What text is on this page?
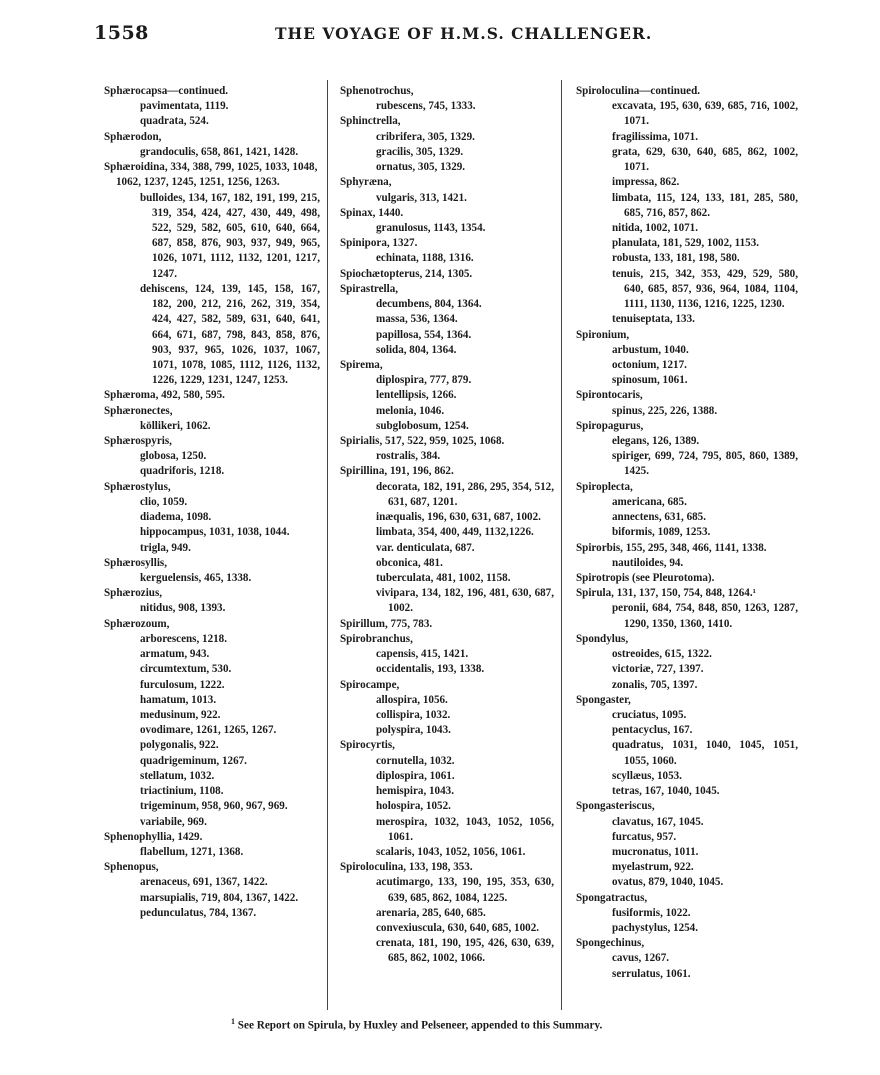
1558	THE VOYAGE OF H.M.S. CHALLENGER.
Sphærocapsa—continued.
pavimentata, 1119.
quadrata, 524.
Sphærodon,
grandoculis, 658, 861, 1421, 1428.
Sphæroidina, 334, 388, 799, 1025, 1033, 1048, 1062, 1237, 1245, 1251, 1256, 1263.
bulloides, 134, 167, 182, 191, 199, 215, 319, 354, 424, 427, 430, 449, 498, 522, 529, 582, 605, 610, 640, 664, 687, 858, 876, 903, 937, 949, 965, 1026, 1071, 1112, 1132, 1201, 1217, 1247.
dehiscens, 124, 139, 145, 158, 167, 182, 200, 212, 216, 262, 319, 354, 424, 427, 582, 589, 631, 640, 641, 664, 671, 687, 798, 843, 858, 876, 903, 937, 965, 1026, 1037, 1067, 1071, 1078, 1085, 1112, 1126, 1132, 1226, 1229, 1231, 1247, 1253.
Sphæroma, 492, 580, 595.
Sphæronectes,
köllikeri, 1062.
Sphærospyris,
globosa, 1250.
quadriforis, 1218.
Sphærostylus,
clio, 1059.
diadema, 1098.
hippocampus, 1031, 1038, 1044.
trigla, 949.
Sphærosyllis,
kerguelensis, 465, 1338.
Sphærozius,
nitidus, 908, 1393.
Sphærozoum,
arborescens, 1218.
armatum, 943.
circumtextum, 530.
furculosum, 1222.
hamatum, 1013.
medusinum, 922.
ovodimare, 1261, 1265, 1267.
polygonalis, 922.
quadrigeminum, 1267.
stellatum, 1032.
triactinium, 1108.
trigeminum, 958, 960, 967, 969.
variabile, 969.
Sphenophyllia, 1429.
flabellum, 1271, 1368.
Sphenopus,
arenaceus, 691, 1367, 1422.
marsupialis, 719, 804, 1367, 1422.
pedunculatus, 784, 1367.
Sphenotrochus,
rubescens, 745, 1333.
Sphinctrella,
cribrifera, 305, 1329.
gracilis, 305, 1329.
ornatus, 305, 1329.
Sphyræna,
vulgaris, 313, 1421.
Spinax, 1440.
granulosus, 1143, 1354.
Spinipora, 1327.
echinata, 1188, 1316.
Spiochætopterus, 214, 1305.
Spirastrella,
decumbens, 804, 1364.
massa, 536, 1364.
papillosa, 554, 1364.
solida, 804, 1364.
Spirema,
diplospira, 777, 879.
lentellipsis, 1266.
melonia, 1046.
subglobosum, 1254.
Spirialis, 517, 522, 959, 1025, 1068.
rostralis, 384.
Spirillina, 191, 196, 862.
decorata, 182, 191, 286, 295, 354, 512, 631, 687, 1201.
inæqualis, 196, 630, 631, 687, 1002.
limbata, 354, 400, 449, 1132,1226.
var. denticulata, 687.
obconica, 481.
tuberculata, 481, 1002, 1158.
vivipara, 134, 182, 196, 481, 630, 687, 1002.
Spirillum, 775, 783.
Spirobranchus,
capensis, 415, 1421.
occidentalis, 193, 1338.
Spirocampe,
allospira, 1056.
collispira, 1032.
polyspira, 1043.
Spirocyrtis,
cornutella, 1032.
diplospira, 1061.
hemispira, 1043.
holospira, 1052.
merospira, 1032, 1043, 1052, 1056, 1061.
scalaris, 1043, 1052, 1056, 1061.
Spiroloculina, 133, 198, 353.
acutimargo, 133, 190, 195, 353, 630, 639, 685, 862, 1084, 1225.
arenaria, 285, 640, 685.
convexiuscula, 630, 640, 685, 1002.
crenata, 181, 190, 195, 426, 630, 639, 685, 862, 1002, 1066.
Spiroloculina—continued.
excavata, 195, 630, 639, 685, 716, 1002, 1071.
fragilissima, 1071.
grata, 629, 630, 640, 685, 862, 1002, 1071.
impressa, 862.
limbata, 115, 124, 133, 181, 285, 580, 685, 716, 857, 862.
nitida, 1002, 1071.
planulata, 181, 529, 1002, 1153.
robusta, 133, 181, 198, 580.
tenuis, 215, 342, 353, 429, 529, 580, 640, 685, 857, 936, 964, 1084, 1104, 1111, 1130, 1136, 1216, 1225, 1230.
tenuiseptata, 133.
Spironium,
arbustum, 1040.
octonium, 1217.
spinosum, 1061.
Spirontocaris,
spinus, 225, 226, 1388.
Spiropagurus,
elegans, 126, 1389.
spiriger, 699, 724, 795, 805, 860, 1389, 1425.
Spiroplecta,
americana, 685.
annectens, 631, 685.
biformis, 1089, 1253.
Spirorbis, 155, 295, 348, 466, 1141, 1338.
nautiloides, 94.
Spirotropis (see Pleurotoma).
Spirula, 131, 137, 150, 754, 848, 1264.¹
peronii, 684, 754, 848, 850, 1263, 1287, 1290, 1350, 1360, 1410.
Spondylus,
ostreoides, 615, 1322.
victoriæ, 727, 1397.
zonalis, 705, 1397.
Spongaster,
cruciatus, 1095.
pentacyclus, 167.
quadratus, 1031, 1040, 1045, 1051, 1055, 1060.
scyllæus, 1053.
tetras, 167, 1040, 1045.
Spongasteriscus,
clavatus, 167, 1045.
furcatus, 957.
mucronatus, 1011.
myelastrum, 922.
ovatus, 879, 1040, 1045.
Spongatractus,
fusiformis, 1022.
pachystylus, 1254.
Spongechinus,
cavus, 1267.
serrulatus, 1061.
$^1$ See Report on Spirula, by Huxley and Pelseneer, appended to this Summary.
